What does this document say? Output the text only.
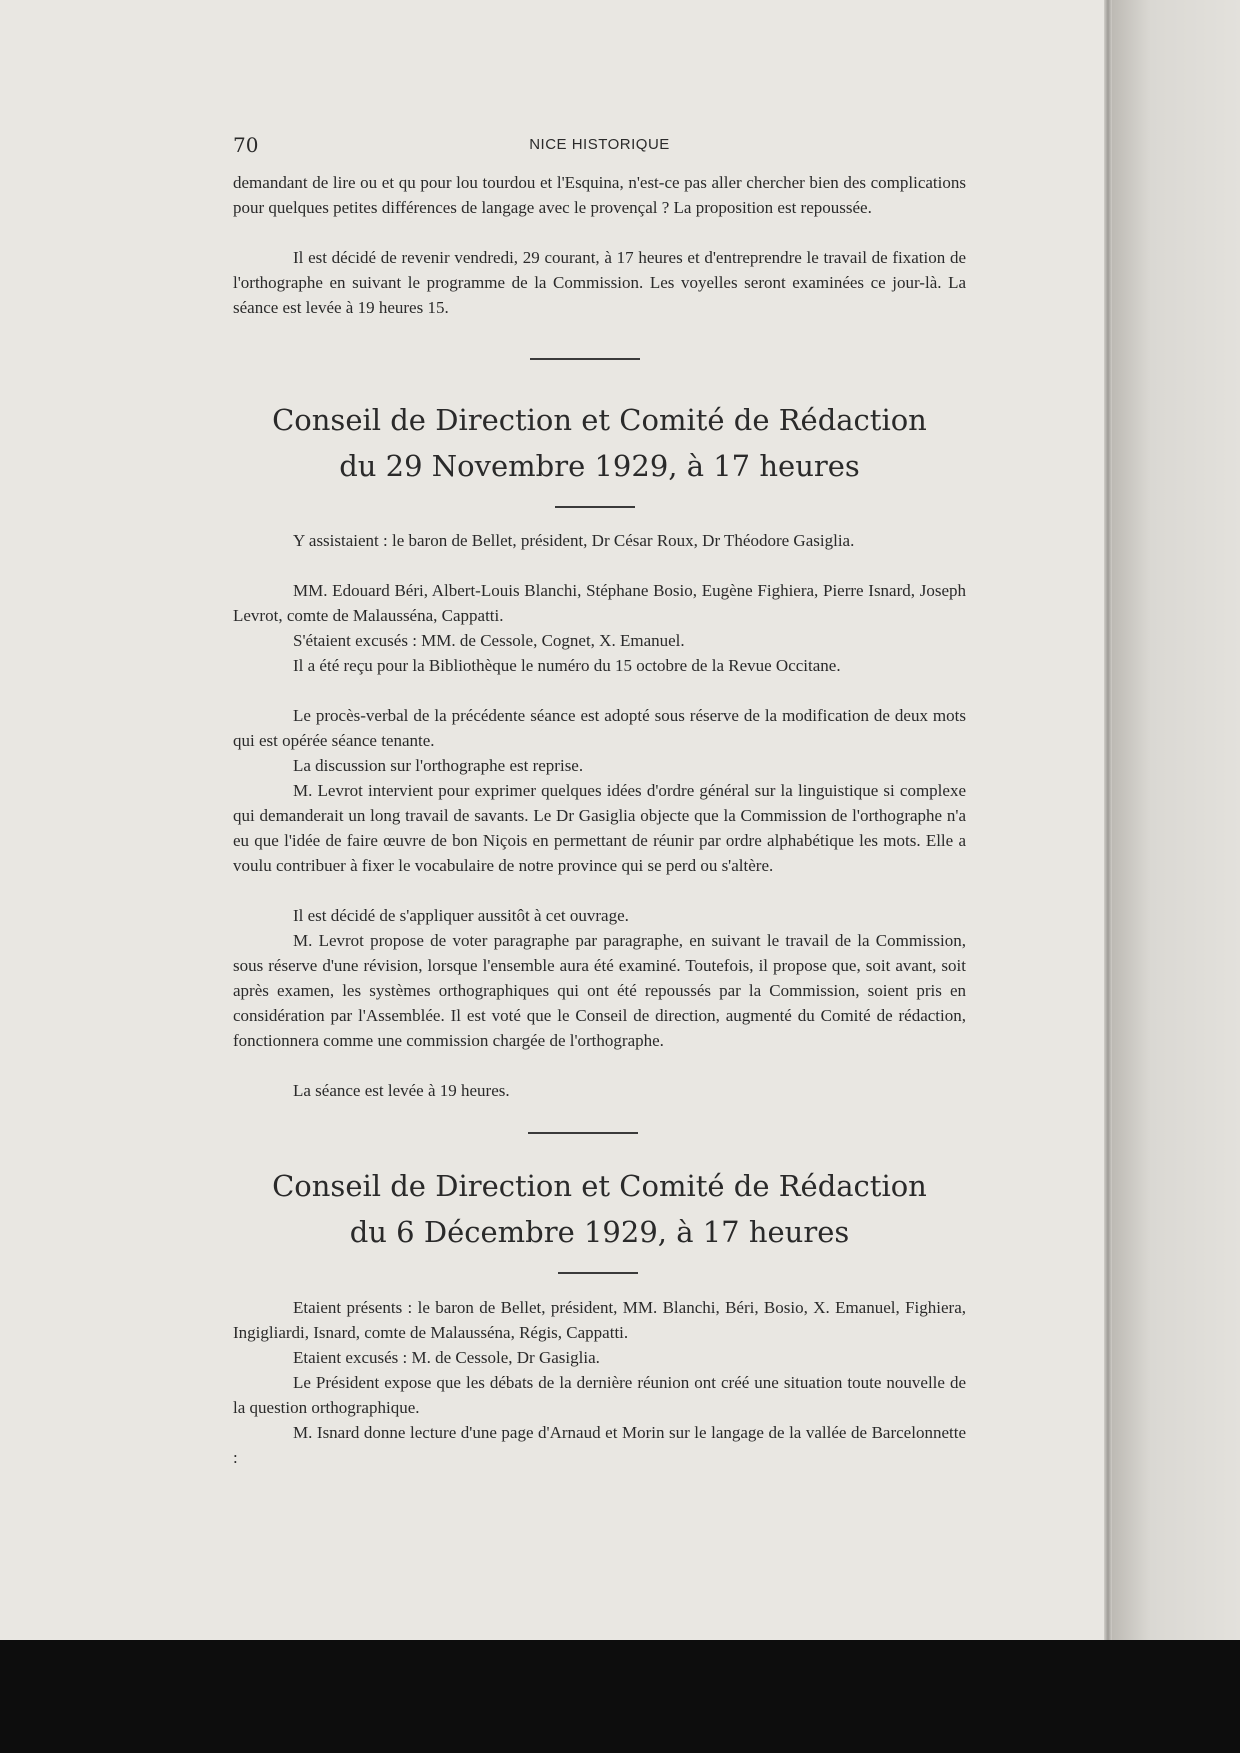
70	NICE HISTORIQUE

demandant de lire ou et qu pour lou tourdou et l'Esquina, n'est-ce pas aller chercher bien des complications pour quelques petites différences de langage avec le provençal ? La proposition est repoussée.

Il est décidé de revenir vendredi, 29 courant, à 17 heures et d'entreprendre le travail de fixation de l'orthographe en suivant le programme de la Commission. Les voyelles seront examinées ce jour-là. La séance est levée à 19 heures 15.

Conseil de Direction et Comité de Rédaction
du 29 Novembre 1929, à 17 heures

Y assistaient : le baron de Bellet, président, Dr César Roux, Dr Théodore Gasiglia.

MM. Edouard Béri, Albert-Louis Blanchi, Stéphane Bosio, Eugène Fighiera, Pierre Isnard, Joseph Levrot, comte de Malausséna, Cappatti.

S'étaient excusés : MM. de Cessole, Cognet, X. Emanuel.

Il a été reçu pour la Bibliothèque le numéro du 15 octobre de la Revue Occitane.

Le procès-verbal de la précédente séance est adopté sous réserve de la modification de deux mots qui est opérée séance tenante.

La discussion sur l'orthographe est reprise.

M. Levrot intervient pour exprimer quelques idées d'ordre général sur la linguistique si complexe qui demanderait un long travail de savants. Le Dr Gasiglia objecte que la Commission de l'orthographe n'a eu que l'idée de faire œuvre de bon Niçois en permettant de réunir par ordre alphabétique les mots. Elle a voulu contribuer à fixer le vocabulaire de notre province qui se perd ou s'altère.

Il est décidé de s'appliquer aussitôt à cet ouvrage.

M. Levrot propose de voter paragraphe par paragraphe, en suivant le travail de la Commission, sous réserve d'une révision, lorsque l'ensemble aura été examiné. Toutefois, il propose que, soit avant, soit après examen, les systèmes orthographiques qui ont été repoussés par la Commission, soient pris en considération par l'Assemblée. Il est voté que le Conseil de direction, augmenté du Comité de rédaction, fonctionnera comme une commission chargée de l'orthographe.

La séance est levée à 19 heures.

Conseil de Direction et Comité de Rédaction
du 6 Décembre 1929, à 17 heures

Etaient présents : le baron de Bellet, président, MM. Blanchi, Béri, Bosio, X. Emanuel, Fighiera, Ingigliardi, Isnard, comte de Malausséna, Régis, Cappatti.

Etaient excusés : M. de Cessole, Dr Gasiglia.

Le Président expose que les débats de la dernière réunion ont créé une situation toute nouvelle de la question orthographique.

M. Isnard donne lecture d'une page d'Arnaud et Morin sur le langage de la vallée de Barcelonnette :
